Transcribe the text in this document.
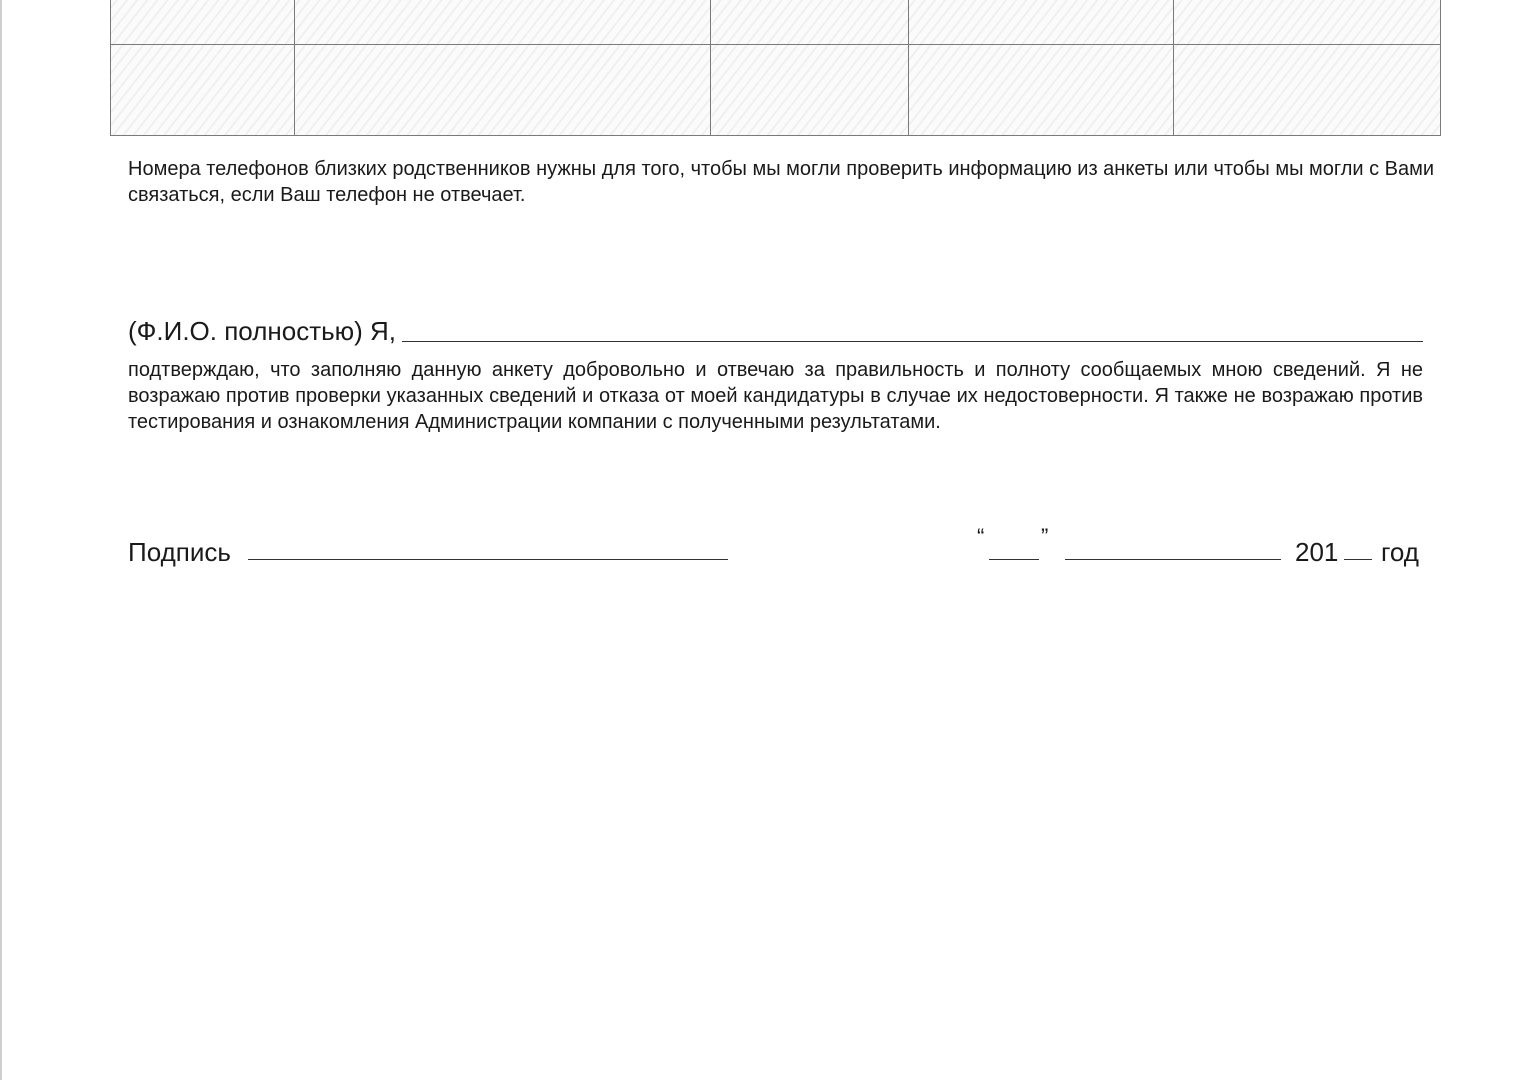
Номера телефонов близких родственников нужны для того, чтобы мы могли проверить информацию из анкеты или чтобы мы могли с Вами связаться, если Ваш телефон не отвечает.

(Ф.И.О. полностью) Я,

подтверждаю, что заполняю данную анкету добровольно и отвечаю за правильность и полноту сообщаемых мною сведений. Я не возражаю против проверки указанных сведений и отказа от моей кандидатуры в случае их недостоверности. Я также не возражаю против тестирования и ознакомления Администрации компании с полученными результатами.

Подпись
“	”
201 год
